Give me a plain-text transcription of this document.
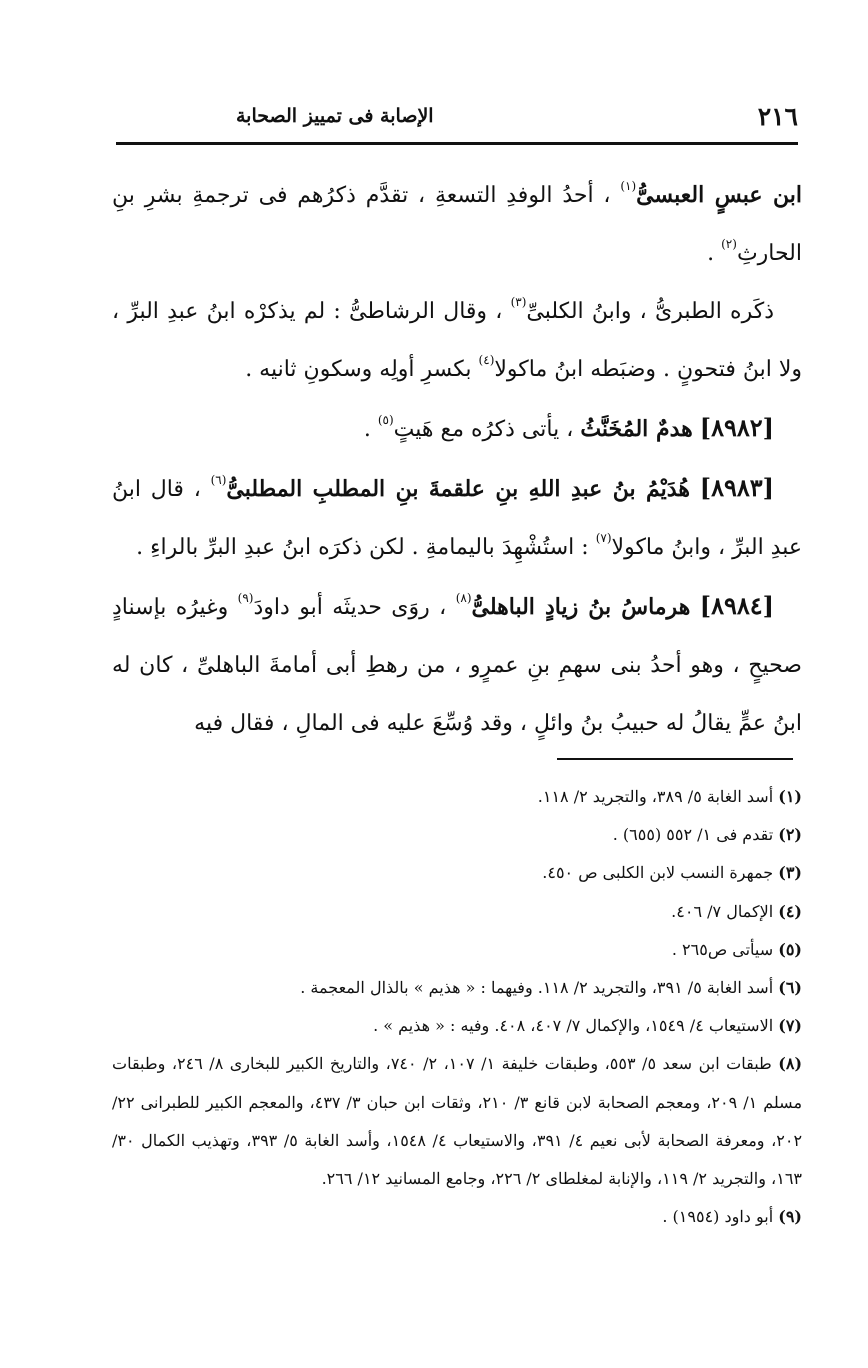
٢١٦
الإصابة فى تمييز الصحابة

ابن عبسٍ العبسىُّ$^{(١)}$ ، أحدُ الوفدِ التسعةِ ، تقدَّم ذكرُهم فى ترجمةِ بشرِ بنِ الحارثِ$^{(٢)}$ .

ذكَره الطبرىُّ ، وابنُ الكلبىِّ$^{(٣)}$ ، وقال الرشاطىُّ : لم يذكرْه ابنُ عبدِ البرِّ ، ولا ابنُ فتحونٍ . وضبَطه ابنُ ماكولا$^{(٤)}$ بكسرِ أولِه وسكونِ ثانيه .

[٨٩٨٢] هدمٌ المُخَنَّثُ ، يأتى ذكرُه مع هَيتٍ$^{(٥)}$ .

[٨٩٨٣] هُدَيْمُ بنُ عبدِ اللهِ بنِ علقمةَ بنِ المطلبِ المطلبىُّ$^{(٦)}$ ، قال ابنُ عبدِ البرِّ ، وابنُ ماكولا$^{(٧)}$ : استُشْهِدَ باليمامةِ . لكن ذكرَه ابنُ عبدِ البرِّ بالراءِ .

[٨٩٨٤] هرماسُ بنُ زيادٍ الباهلىُّ$^{(٨)}$ ، روَى حديثَه أبو داودَ$^{(٩)}$ وغيرُه بإسنادٍ صحيحٍ ، وهو أحدُ بنى سهمِ بنِ عمرٍو ، من رهطِ أبى أمامةَ الباهلىِّ ، كان له ابنُ عمٍّ يقالُ له حبيبُ بنُ وائلٍ ، وقد وُسِّعَ عليه فى المالِ ، فقال فيه

(١) أسد الغابة ٥/ ٣٨٩، والتجريد ٢/ ١١٨.

(٢) تقدم فى ١/ ٥٥٢ (٦٥٥) .

(٣) جمهرة النسب لابن الكلبى ص ٤٥٠.

(٤) الإكمال ٧/ ٤٠٦.

(٥) سيأتى ص٢٦٥ .

(٦) أسد الغابة ٥/ ٣٩١، والتجريد ٢/ ١١٨. وفيهما : « هذيم » بالذال المعجمة .

(٧) الاستيعاب ٤/ ١٥٤٩، والإكمال ٧/ ٤٠٧، ٤٠٨. وفيه : « هذيم » .

(٨) طبقات ابن سعد ٥/ ٥٥٣، وطبقات خليفة ١/ ١٠٧، ٢/ ٧٤٠، والتاريخ الكبير للبخارى ٨/ ٢٤٦، وطبقات مسلم ١/ ٢٠٩، ومعجم الصحابة لابن قانع ٣/ ٢١٠، وثقات ابن حبان ٣/ ٤٣٧، والمعجم الكبير للطبرانى ٢٢/ ٢٠٢، ومعرفة الصحابة لأبى نعيم ٤/ ٣٩١، والاستيعاب ٤/ ١٥٤٨، وأسد الغابة ٥/ ٣٩٣، وتهذيب الكمال ٣٠/ ١٦٣، والتجريد ٢/ ١١٩، والإنابة لمغلطاى ٢/ ٢٢٦، وجامع المسانيد ١٢/ ٢٦٦.

(٩) أبو داود (١٩٥٤) .
